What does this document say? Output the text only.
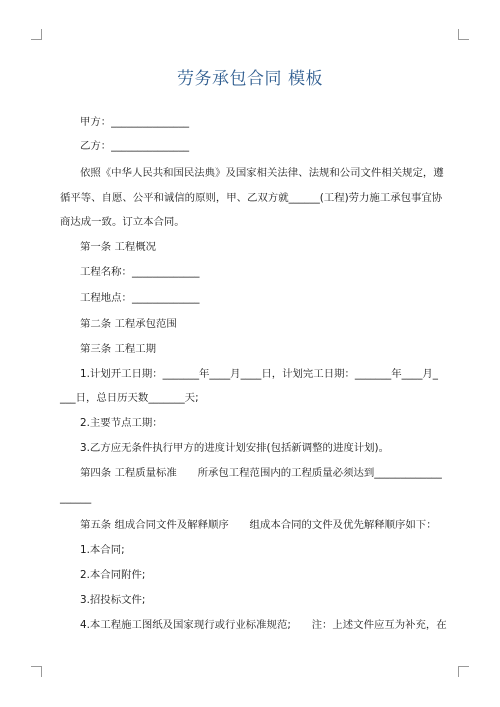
劳务承包合同 模板
甲方：_______________
乙方：_______________
依照《中华人民共和国民法典》及国家相关法律、法规和公司文件相关规定，遵
循平等、自愿、公平和诚信的原则，甲、乙双方就______(工程)劳力施工承包事宜协
商达成一致。订立本合同。
第一条 工程概况
工程名称：_____________
工程地点：_____________
第二条 工程承包范围
第三条 工程工期
1.计划开工日期：_______年____月____日，计划完工日期：_______年____月_
___日，总日历天数_______天;
2.主要节点工期：
3.乙方应无条件执行甲方的进度计划安排(包括新调整的进度计划)。
第四条 工程质量标准　　所承包工程范围内的工程质量必须达到_____________
______
第五条 组成合同文件及解释顺序　　组成本合同的文件及优先解释顺序如下：
1.本合同;
2.本合同附件;
3.招投标文件;
4.本工程施工图纸及国家现行或行业标准规范;　　注：上述文件应互为补充，在
